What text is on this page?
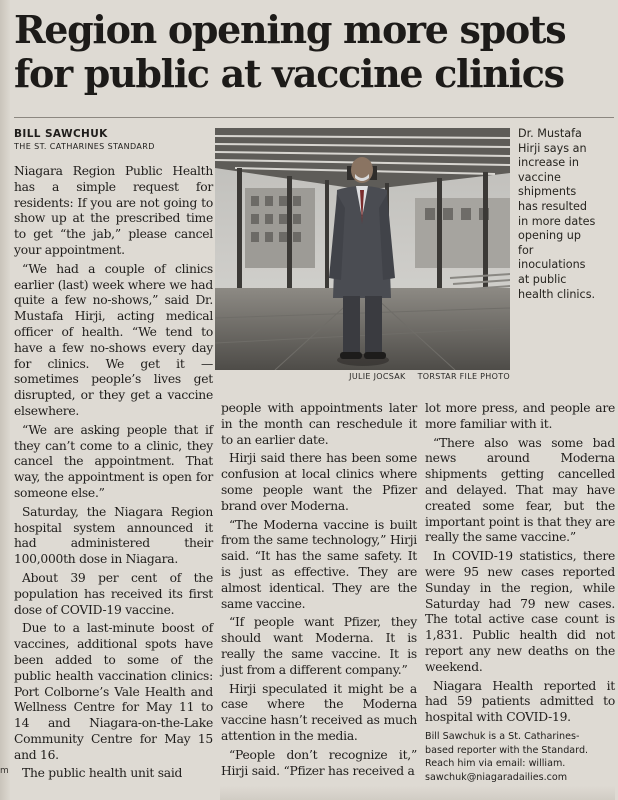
Region opening more spots
for public at vaccine clinics
BILL SAWCHUK
THE ST. CATHARINES STANDARD
JULIE JOCSAK TORSTAR FILE PHOTO
Dr. Mustafa
Hirji says an
increase in
vaccine
shipments
has resulted
in more dates
opening up
for
inoculations
at public
health clinics.

Niagara Region Public Health has a simple request for residents: If you are not going to show up at the prescribed time to get “the jab,” please cancel your appointment.

“We had a couple of clinics earlier (last) week where we had quite a few no-shows,” said Dr. Mustafa Hirji, acting medical officer of health. “We tend to have a few no-shows every day for clinics. We get it — sometimes people’s lives get disrupted, or they get a vaccine elsewhere.

“We are asking people that if they can’t come to a clinic, they cancel the appointment. That way, the appointment is open for someone else.”

Saturday, the Niagara Region hospital system announced it had administered their 100,000th dose in Niagara.

About 39 per cent of the population has received its first dose of COVID-19 vaccine.

Due to a last-minute boost of vaccines, additional spots have been added to some of the public health vaccination clinics: Port Colborne’s Vale Health and Wellness Centre for May 11 to 14 and Niagara-on-the-Lake Community Centre for May 15 and 16.

The public health unit said

people with appointments later in the month can reschedule it to an earlier date.

Hirji said there has been some confusion at local clinics where some people want the Pfizer brand over Moderna.

“The Moderna vaccine is built from the same technology,” Hirji said. “It has the same safety. It is just as effective. They are almost identical. They are the same vaccine.

“If people want Pfizer, they should want Moderna. It is really the same vaccine. It is just from a different company.”

Hirji speculated it might be a case where the Moderna vaccine hasn’t received as much attention in the media.

“People don’t recognize it,” Hirji said. “Pfizer has received a

lot more press, and people are more familiar with it.

“There also was some bad news around Moderna shipments getting cancelled and delayed. That may have created some fear, but the important point is that they are really the same vaccine.”

In COVID-19 statistics, there were 95 new cases reported Sunday in the region, while Saturday had 79 new cases. The total active case count is 1,831. Public health did not report any new deaths on the weekend.

Niagara Health reported it had 59 patients admitted to hospital with COVID-19.

Bill Sawchuk is a St. Catharines-
based reporter with the Standard.
Reach him via email: william.
sawchuk@niagaradailies.com
m
